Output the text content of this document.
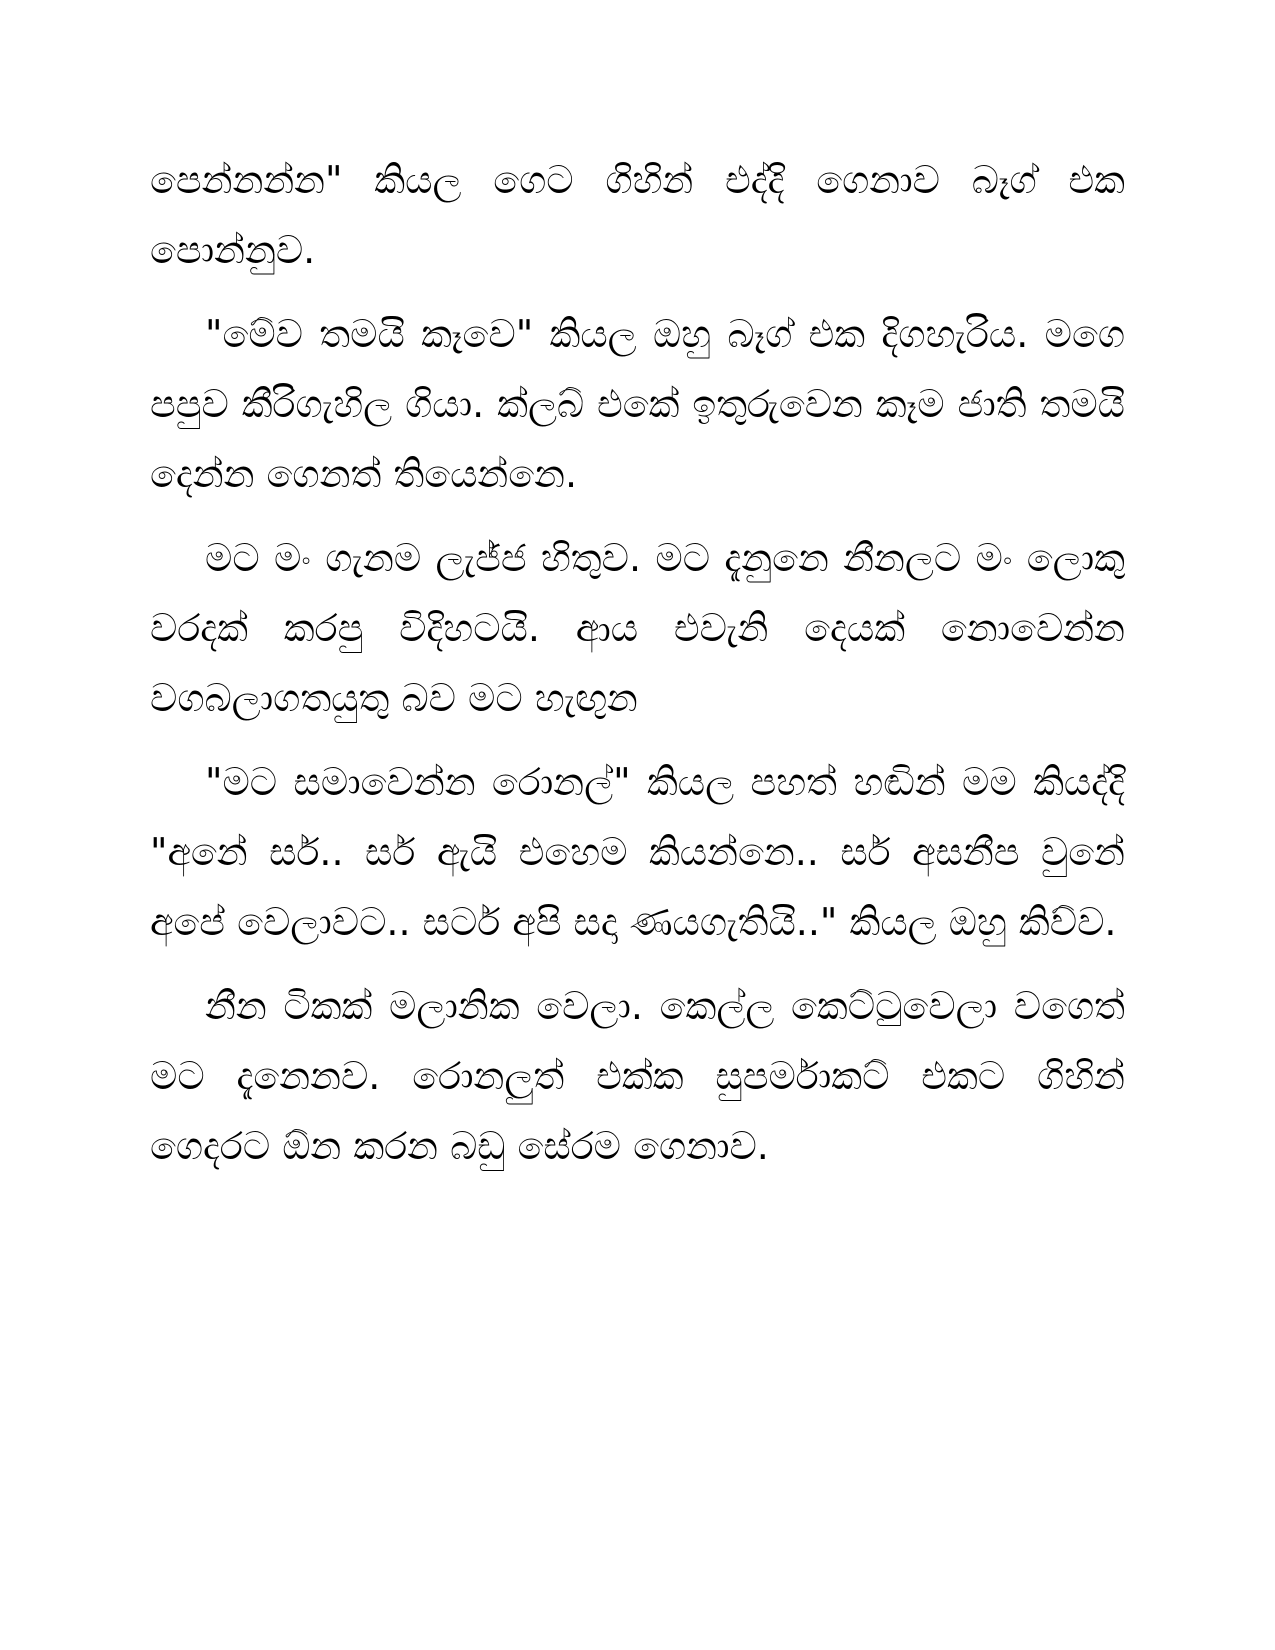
පෙන්නන්න" කියල ගෙට ගිහින් එද්දි ගෙනාව බෑග් එක පොන්නුව.

"මේව තමයි කෑවෙ" කියල ඔහු බෑග් එක දිගහැරිය. මගෙ පපුව කීරිගැහිල ගියා. ක්ලබ් එකේ ඉතුරුවෙන කෑම ජාති තමයි දෙන්න ගෙනත් තියෙන්නෙ.

මට මං ගැනම ලැජ්ජ හිතුව. මට දැනුනෙ නීනලට මං ලොකු වරදක් කරපු විදිහටයි. ආය එවැනි දෙයක් නොවෙන්න වගබලාගතයුතු බව මට හැඟුන

"මට සමාවෙන්න රොනල්" කියල පහත් හඬින් මම කියද්දි "අනේ සර්.. සර් ඇයි එහෙම කියන්නෙ.. සර් අසනීප වුනේ අපේ වෙලාවට.. සර්ට අපි සදා ණයගැතියි.." කියල ඔහු කිව්ව.

නීන ටිකක් මලානික වෙලා. කෙල්ල කෙට්ටුවෙලා වගෙත් මට දැනෙනව. රොනලුත් එක්ක සුපර්මාකට් එකට ගිහින් ගෙදරට ඕන කරන බඩු සේරම ගෙනාව.
